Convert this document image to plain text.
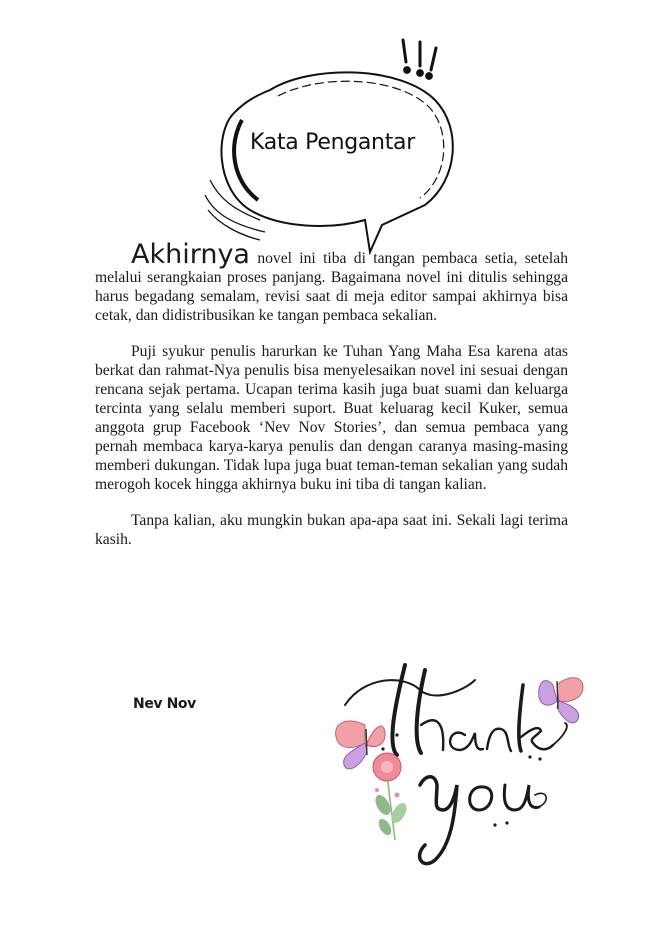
Kata Pengantar

Akhirnya novel ini tiba di tangan pembaca setia, setelah melalui serangkaian proses panjang. Bagaimana novel ini ditulis sehingga harus begadang semalam, revisi saat di meja editor sampai akhirnya bisa cetak, dan didistribusikan ke tangan pembaca sekalian.

Puji syukur penulis harurkan ke Tuhan Yang Maha Esa karena atas berkat dan rahmat-Nya penulis bisa menyelesaikan novel ini sesuai dengan rencana sejak pertama. Ucapan terima kasih juga buat suami dan keluarga tercinta yang selalu memberi suport. Buat keluarag kecil Kuker, semua anggota grup Facebook ‘Nev Nov Stories’, dan semua pembaca yang pernah membaca karya-karya penulis dan dengan caranya masing-masing memberi dukungan. Tidak lupa juga buat teman-teman sekalian yang sudah merogoh kocek hingga akhirnya buku ini tiba di tangan kalian.

Tanpa kalian, aku mungkin bukan apa-apa saat ini. Sekali lagi terima kasih.

Nev Nov
